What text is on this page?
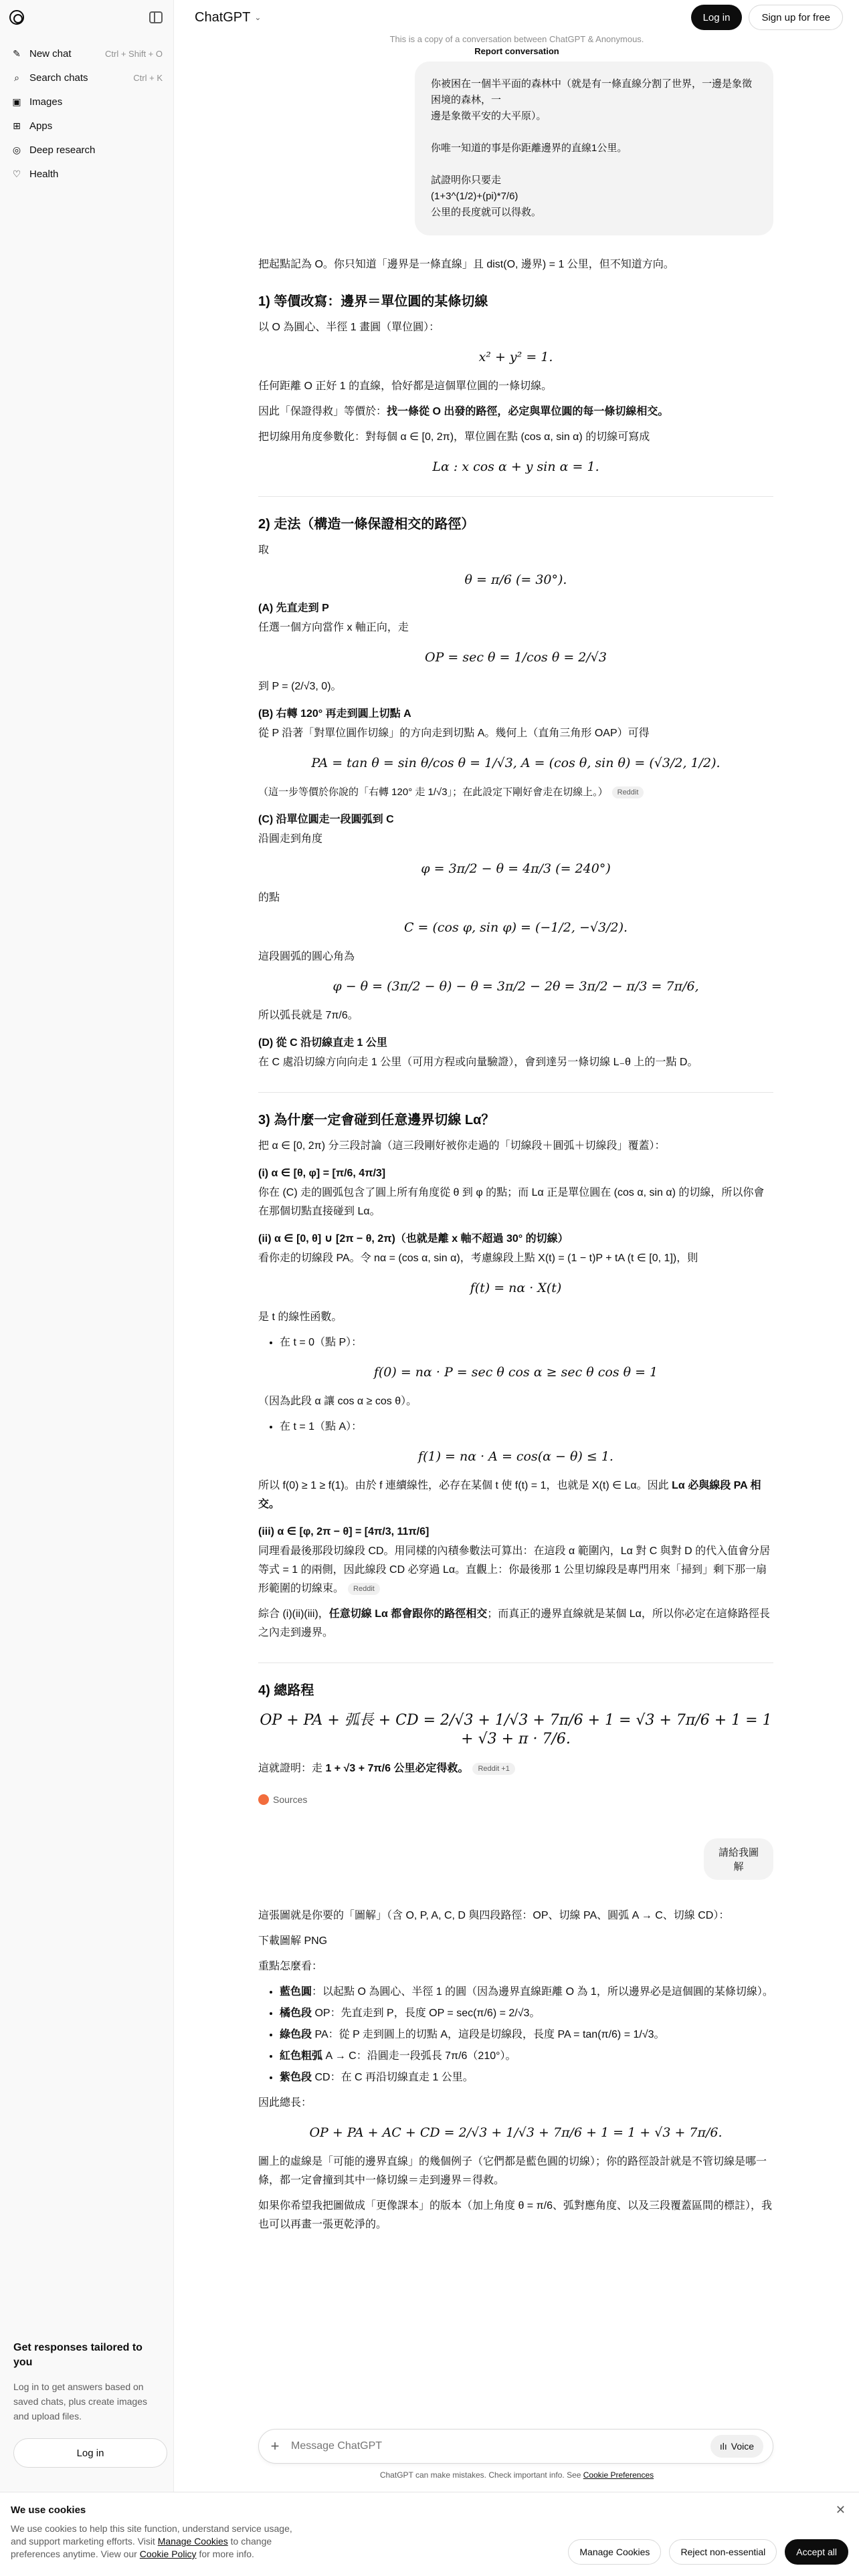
✎ New chat	Ctrl + Shift + O
⌕	Search chats	Ctrl + K
▣ Images
⊞ Apps
◎ Deep research
♡ Health
Get responses tailored to you
Log in to get answers based on saved chats, plus create images and upload files.
Log in
ChatGPT ⌄	Log in	Sign up for free
This is a copy of a conversation between ChatGPT & Anonymous.
Report conversation
你被困在一個半平面的森林中（就是有一條直線分割了世界，一邊是象徵困境的森林，一
邊是象徵平安的大平原）。

你唯一知道的事是你距離邊界的直線1公里。

試證明你只要走
(1+3^(1/2)+(pi)*7/6)
公里的長度就可以得救。

把起點記為 O。你只知道「邊界是一條直線」且 dist(O, 邊界) = 1 公里，但不知道方向。

1) 等價改寫：邊界＝單位圓的某條切線

以 O 為圓心、半徑 1 畫圓（單位圓）：

x² + y² = 1.

任何距離 O 正好 1 的直線，恰好都是這個單位圓的一條切線。

因此「保證得救」等價於：找一條從 O 出發的路徑，必定與單位圓的每一條切線相交。

把切線用角度參數化：對每個 α ∈ [0, 2π)，單位圓在點 (cos α, sin α) 的切線可寫成

Lα : x cos α + y sin α = 1.
2) 走法（構造一條保證相交的路徑）

取

θ = π/6 (= 30°).
(A) 先直走到 P

任選一個方向當作 x 軸正向，走

OP = sec θ = 1/cos θ = 2/√3

到 P = (2/√3, 0)。

(B) 右轉 120° 再走到圓上切點 A

從 P 沿著「對單位圓作切線」的方向走到切點 A。幾何上（直角三角形 OAP）可得

PA = tan θ = sin θ/cos θ = 1/√3, A = (cos θ, sin θ) = (√3/2, 1/2).

（這一步等價於你說的「右轉 120° 走 1/√3」；在此設定下剛好會走在切線上。） Reddit

(C) 沿單位圓走一段圓弧到 C

沿圓走到角度

φ = 3π/2 − θ = 4π/3 (= 240°)

的點

C = (cos φ, sin φ) = (−1/2, −√3/2).

這段圓弧的圓心角為

φ − θ = (3π/2 − θ) − θ = 3π/2 − 2θ = 3π/2 − π/3 = 7π/6,

所以弧長就是 7π/6。

(D) 從 C 沿切線直走 1 公里

在 C 處沿切線方向向走 1 公里（可用方程或向量驗證），會到達另一條切線 L₋θ 上的一點 D。

3) 為什麼一定會碰到任意邊界切線 Lα？

把 α ∈ [0, 2π) 分三段討論（這三段剛好被你走過的「切線段＋圓弧＋切線段」覆蓋）：

(i) α ∈ [θ, φ] = [π/6, 4π/3]

你在 (C) 走的圓弧包含了圓上所有角度從 θ 到 φ 的點；而 Lα 正是單位圓在 (cos α, sin α) 的切線，所以你會在那個切點直接碰到 Lα。

(ii) α ∈ [0, θ] ∪ [2π − θ, 2π)（也就是離 x 軸不超過 30° 的切線）

看你走的切線段 PA。令 nα = (cos α, sin α)，考慮線段上點 X(t) = (1 − t)P + tA (t ∈ [0, 1])，則

f(t) = nα · X(t)

是 t 的線性函數。

• 在 t = 0（點 P）：
f(0) = nα · P = sec θ cos α ≥ sec θ cos θ = 1

（因為此段 α 讓 cos α ≥ cos θ）。

• 在 t = 1（點 A）：
f(1) = nα · A = cos(α − θ) ≤ 1.

所以 f(0) ≥ 1 ≥ f(1)。由於 f 連續線性，必存在某個 t 使 f(t) = 1，也就是 X(t) ∈ Lα。因此 Lα 必與線段 PA 相交。

(iii) α ∈ [φ, 2π − θ] = [4π/3, 11π/6]

同理看最後那段切線段 CD。用同樣的內積參數法可算出：在這段 α 範圍內，Lα 對 C 與對 D 的代入值會分居等式 = 1 的兩側，因此線段 CD 必穿過 Lα。直觀上：你最後那 1 公里切線段是專門用來「掃到」剩下那一扇形範圍的切線束。 Reddit

綜合 (i)(ii)(iii)，任意切線 Lα 都會跟你的路徑相交；而真正的邊界直線就是某個 Lα，所以你必定在這條路徑長之內走到邊界。

4) 總路程
OP + PA + 弧長 + CD = 2/√3 + 1/√3 + 7π/6 + 1 = √3 + 7π/6 + 1 = 1 + √3 + π · 7/6.

這就證明：走 1 + √3 + 7π/6 公里必定得救。 Reddit +1

Sources
請給我圖解

這張圖就是你要的「圖解」（含 O, P, A, C, D 與四段路徑：OP、切線 PA、圓弧 A → C、切線 CD）：

下載圖解 PNG

重點怎麼看：

• 藍色圓：以起點 O 為圓心、半徑 1 的圓（因為邊界直線距離 O 為 1，所以邊界必是這個圓的某條切線）。
• 橘色段 OP：先直走到 P，長度 OP = sec(π/6) = 2/√3。
• 綠色段 PA：從 P 走到圓上的切點 A，這段是切線段，長度 PA = tan(π/6) = 1/√3。
• 紅色粗弧 A → C：沿圓走一段弧長 7π/6（210°）。
• 紫色段 CD：在 C 再沿切線直走 1 公里。

因此總長：

OP + PA + AC + CD = 2/√3 + 1/√3 + 7π/6 + 1 = 1 + √3 + 7π/6.

圖上的虛線是「可能的邊界直線」的幾個例子（它們都是藍色圓的切線）；你的路徑設計就是不管切線是哪一條，都一定會撞到其中一條切線＝走到邊界＝得救。

如果你希望我把圖做成「更像課本」的版本（加上角度 θ = π/6、弧對應角度、以及三段覆蓋區間的標註），我也可以再畫一張更乾淨的。

+
Message ChatGPT	ılı Voice
ChatGPT can make mistakes. Check important info. See Cookie Preferences
We use cookies
We use cookies to help this site function, understand service usage, and support marketing efforts. Visit Manage Cookies to change preferences anytime. View our Cookie Policy for more info.
✕
Manage Cookies	Reject non-essential	Accept all
